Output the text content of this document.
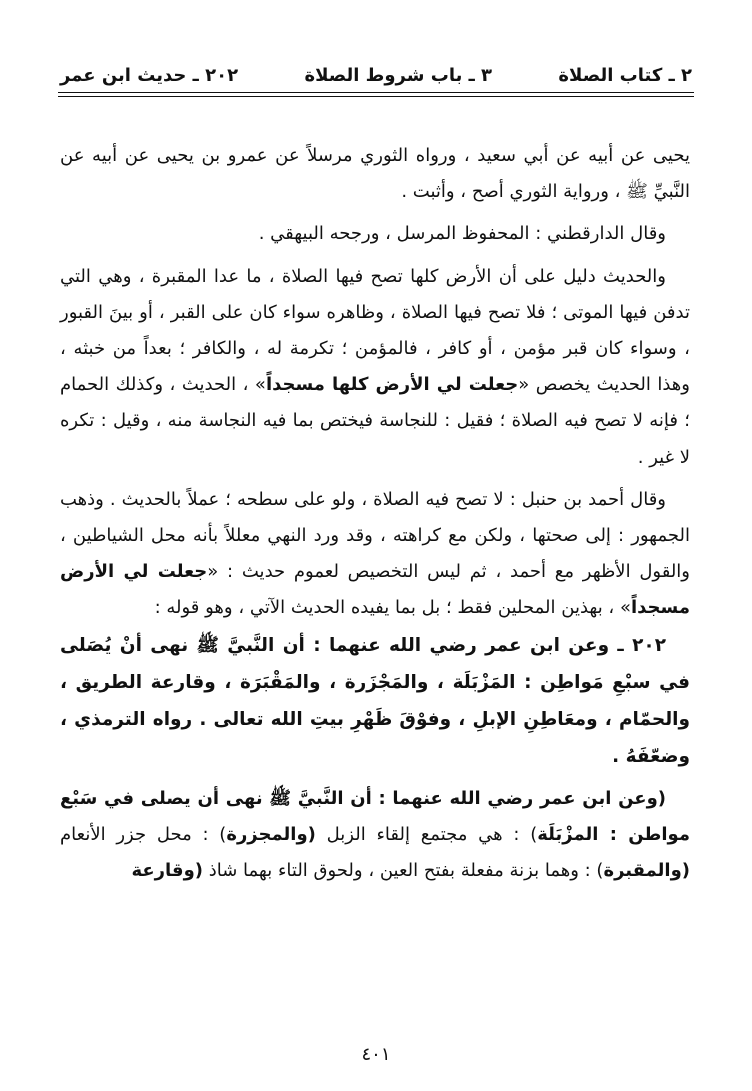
٢ ـ كتاب الصلاة
٣ ـ باب شروط الصلاة
٢٠٢ ـ حديث ابن عمر

يحيى عن أبيه عن أبي سعيد ، ورواه الثوري مرسلاً عن عمرو بن يحيى عن أبيه عن النَّبيِّ ﷺ ، ورواية الثوري أصح ، وأثبت .

وقال الدارقطني : المحفوظ المرسل ، ورجحه البيهقي .

والحديث دليل على أن الأرض كلها تصح فيها الصلاة ، ما عدا المقبرة ، وهي التي تدفن فيها الموتى ؛ فلا تصح فيها الصلاة ، وظاهره سواء كان على القبر ، أو بينَ القبور ، وسواء كان قبر مؤمن ، أو كافر ، فالمؤمن ؛ تكرمة له ، والكافر ؛ بعداً من خبثه ، وهذا الحديث يخصص «جعلت لي الأرض كلها مسجداً» ، الحديث ، وكذلك الحمام ؛ فإنه لا تصح فيه الصلاة ؛ فقيل : للنجاسة فيختص بما فيه النجاسة منه ، وقيل : تكره لا غير .

وقال أحمد بن حنبل : لا تصح فيه الصلاة ، ولو على سطحه ؛ عملاً بالحديث . وذهب الجمهور : إلى صحتها ، ولكن مع كراهته ، وقد ورد النهي معللاً بأنه محل الشياطين ، والقول الأظهر مع أحمد ، ثم ليس التخصيص لعموم حديث : «جعلت لي الأرض مسجداً» ، بهذين المحلين فقط ؛ بل بما يفيده الحديث الآتي ، وهو قوله :

٢٠٢ ـ وعن ابن عمر رضي الله عنهما : أن النَّبيَّ ﷺ نهى أنْ يُصَلى في سبْعِ مَواطِن : المَزْبَلَة ، والمَجْزَرة ، والمَقْبَرَة ، وقارعة الطريق ، والحمّام ، ومعَاطِنِ الإبلِ ، وفوْقَ ظَهْرِ بيتِ الله تعالى . رواه الترمذي ، وضعّفَهُ .

(وعن ابن عمر رضي الله عنهما : أن النَّبيَّ ﷺ نهى أن يصلى في سَبْع مواطن : المزْبَلَة) : هي مجتمع إلقاء الزبل (والمجزرة) : محل جزر الأنعام (والمقبرة) : وهما بزنة مفعلة بفتح العين ، ولحوق التاء بهما شاذ (وقارعة

٤٠١
